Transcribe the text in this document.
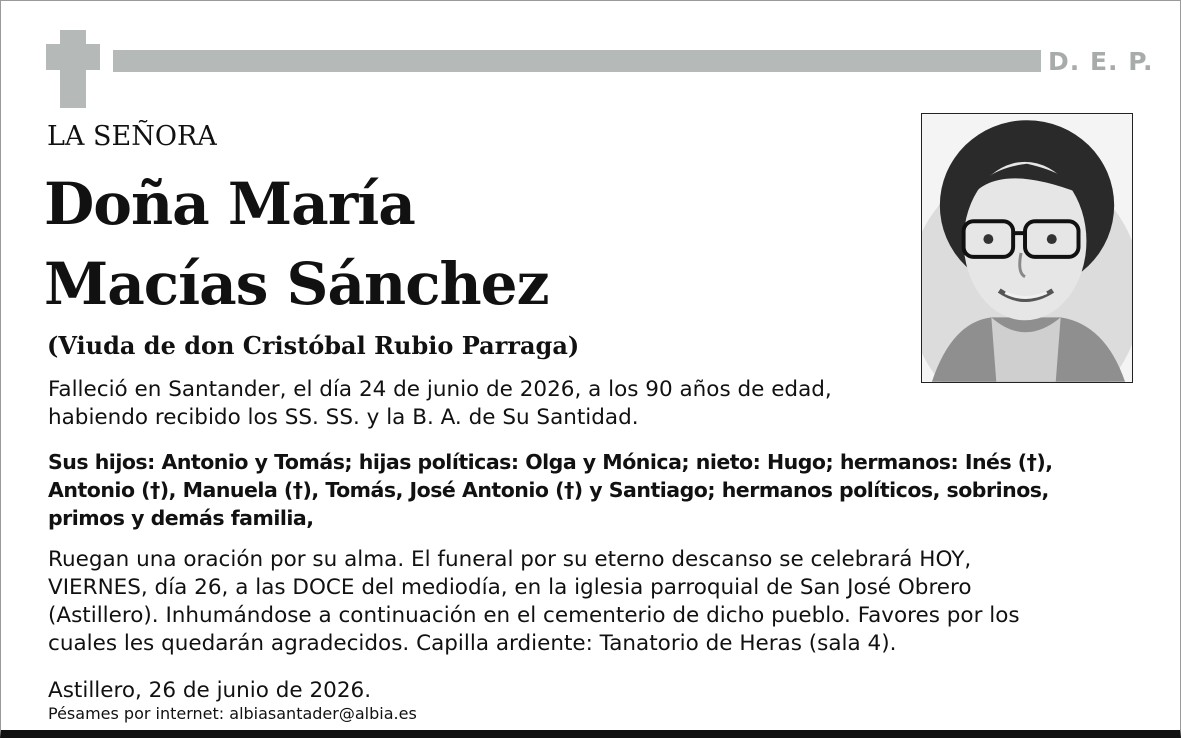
D. E. P.
LA SEÑORA
Doña María
Macías Sánchez
(Viuda de don Cristóbal Rubio Parraga)
Falleció en Santander, el día 24 de junio de 2026, a los 90 años de edad,
habiendo recibido los SS. SS. y la B. A. de Su Santidad.
Sus hijos: Antonio y Tomás; hijas políticas: Olga y Mónica; nieto: Hugo; hermanos: Inés (†),
Antonio (†), Manuela (†), Tomás, José Antonio (†) y Santiago; hermanos políticos, sobrinos,
primos y demás familia,
Ruegan una oración por su alma. El funeral por su eterno descanso se celebrará HOY,
VIERNES, día 26, a las DOCE del mediodía, en la iglesia parroquial de San José Obrero
(Astillero). Inhumándose a continuación en el cementerio de dicho pueblo. Favores por los
cuales les quedarán agradecidos. Capilla ardiente: Tanatorio de Heras (sala 4).
Astillero, 26 de junio de 2026.
Pésames por internet: albiasantader@albia.es
